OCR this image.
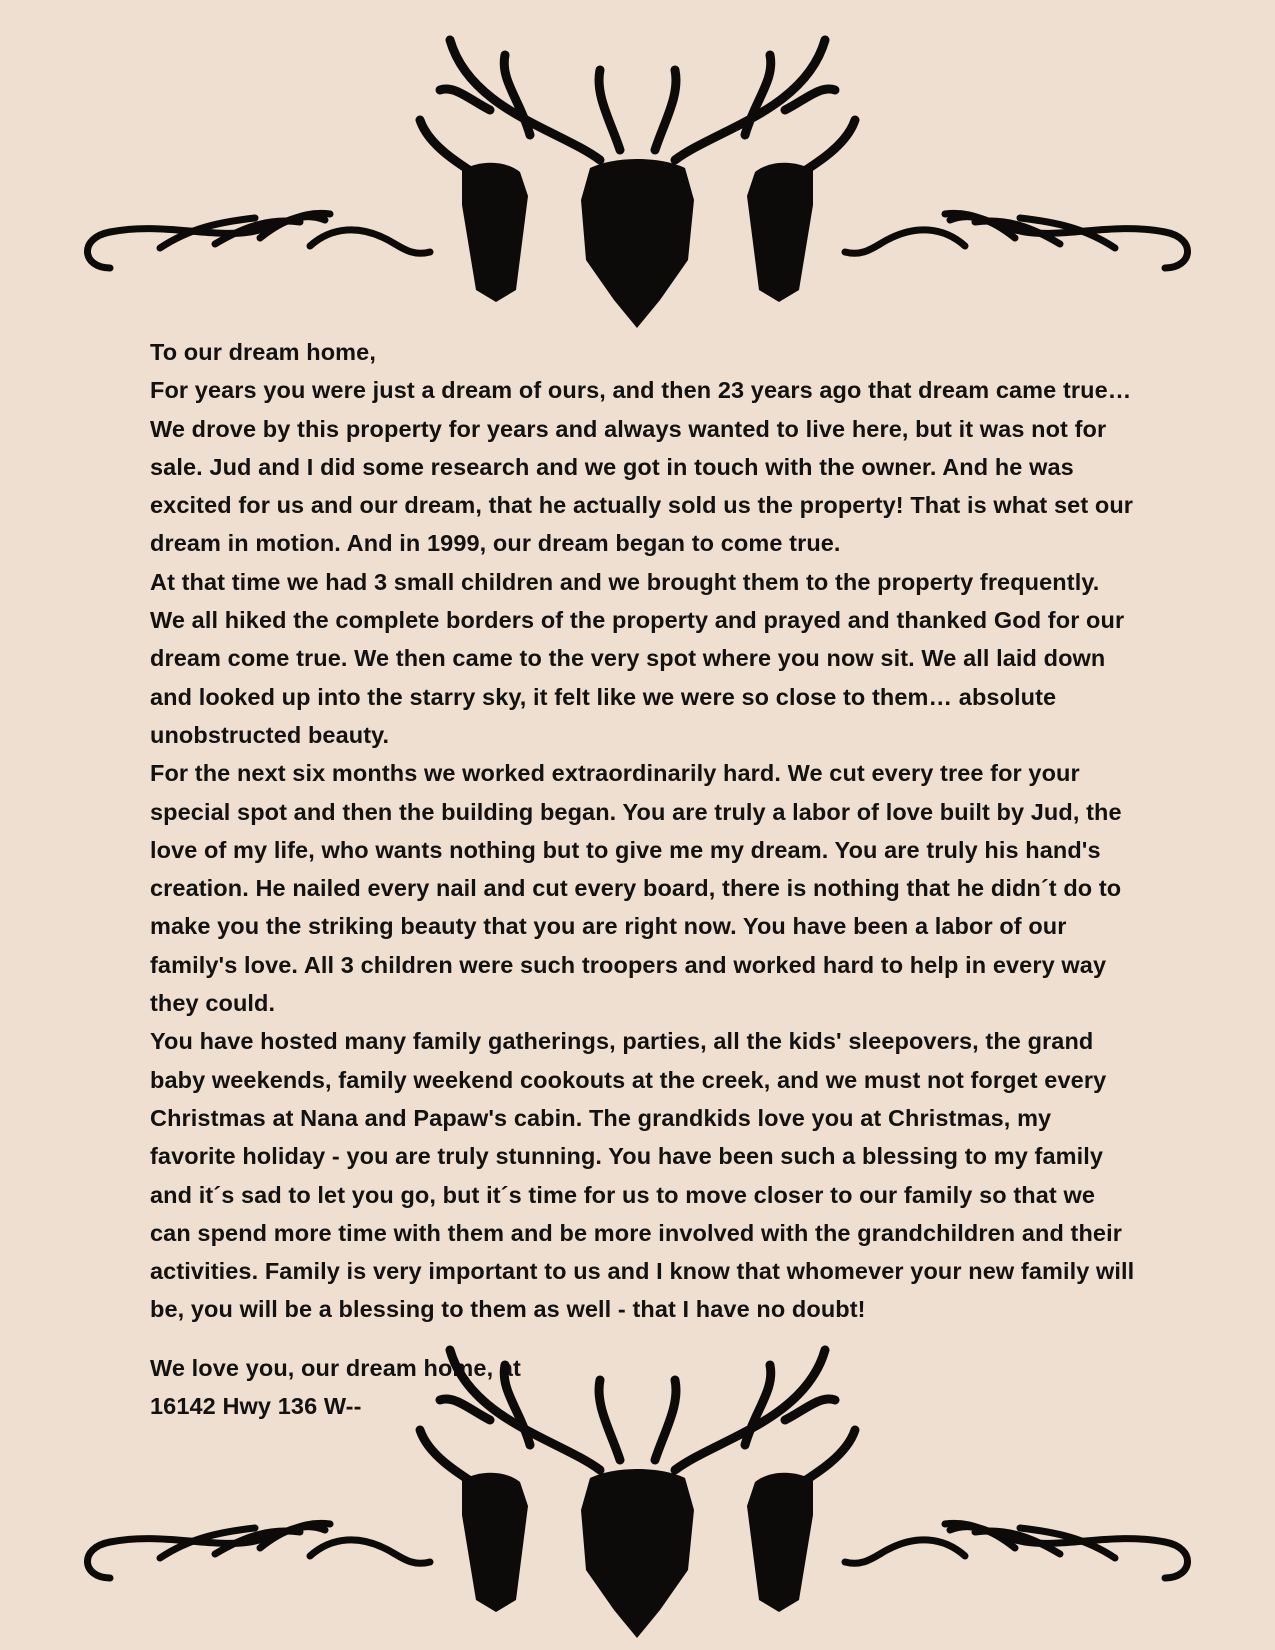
To our dream home,

For years you were just a dream of ours, and then 23 years ago that dream came true…

We drove by this property for years and always wanted to live here, but it was not for sale. Jud and I did some research and we got in touch with the owner. And he was excited for us and our dream, that he actually sold us the property! That is what set our dream in motion. And in 1999, our dream began to come true.

At that time we had 3 small children and we brought them to the property frequently. We all hiked the complete borders of the property and prayed and thanked God for our dream come true. We then came to the very spot where you now sit. We all laid down and looked up into the starry sky, it felt like we were so close to them… absolute unobstructed beauty.

For the next six months we worked extraordinarily hard. We cut every tree for your special spot and then the building began. You are truly a labor of love built by Jud, the love of my life, who wants nothing but to give me my dream. You are truly his hand's creation. He nailed every nail and cut every board, there is nothing that he didn´t do to make you the striking beauty that you are right now. You have been a labor of our family's love. All 3 children were such troopers and worked hard to help in every way they could.

You have hosted many family gatherings, parties, all the kids' sleepovers, the grand baby weekends, family weekend cookouts at the creek, and we must not forget every Christmas at Nana and Papaw's cabin. The grandkids love you at Christmas, my favorite holiday - you are truly stunning. You have been such a blessing to my family and it´s sad to let you go, but it´s time for us to move closer to our family so that we can spend more time with them and be more involved with the grandchildren and their activities. Family is very important to us and I know that whomever your new family will be, you will be a blessing to them as well - that I have no doubt!

We love you, our dream home, at

16142 Hwy 136 W--
